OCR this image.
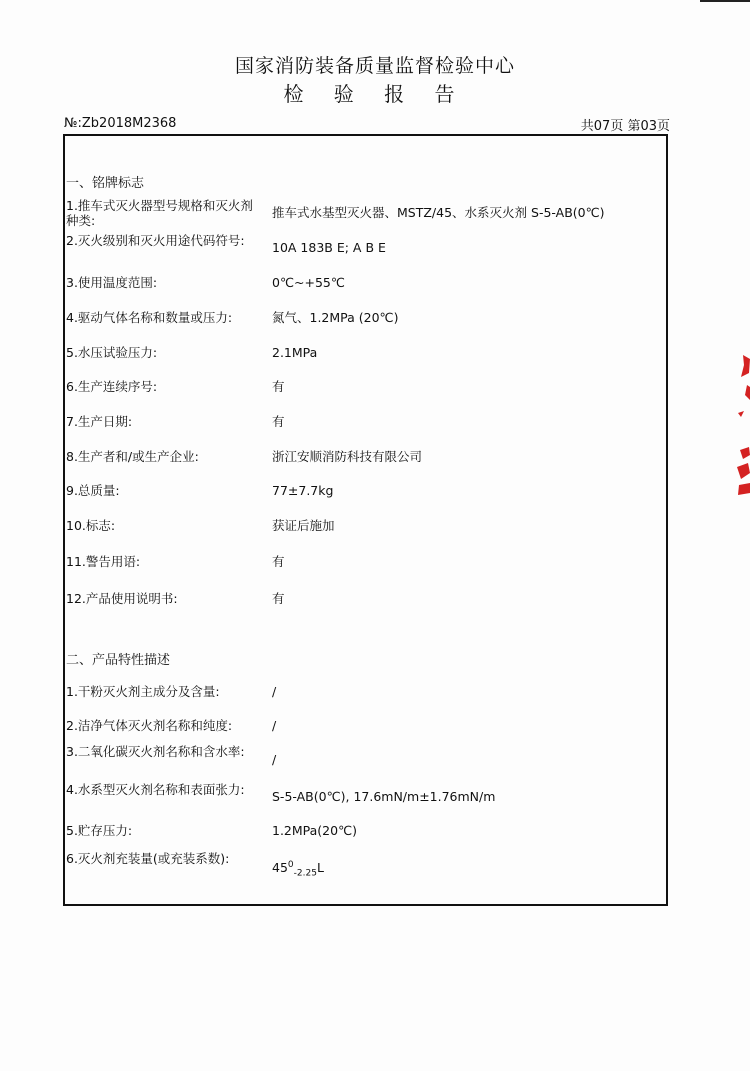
国家消防装备质量监督检验中心
检 验 报 告
№:Zb2018M2368	共07页 第03页
一、铭牌标志
1.推车式灭火器型号规格和灭火剂种类:
推车式水基型灭火器、MSTZ/45、水系灭火剂 S-5-AB(0℃)
2.灭火级别和灭火用途代码符号:	10A 183B E; A B E
3.使用温度范围:	0℃~+55℃
4.驱动气体名称和数量或压力:	氮气、1.2MPa (20℃)
5.水压试验压力:	2.1MPa
6.生产连续序号:	有
7.生产日期:	有
8.生产者和/或生产企业:	浙江安顺消防科技有限公司
9.总质量:	77±7.7kg
10.标志:	获证后施加
11.警告用语:	有
12.产品使用说明书:	有
二、产品特性描述
1.干粉灭火剂主成分及含量:	/
2.洁净气体灭火剂名称和纯度:	/
3.二氧化碳灭火剂名称和含水率:
/
4.水系型灭火剂名称和表面张力:	S-5-AB(0℃), 17.6mN/m±1.76mN/m
5.贮存压力:	1.2MPa(20℃)
6.灭火剂充装量(或充装系数):
$45^0_{-2.25}L$
